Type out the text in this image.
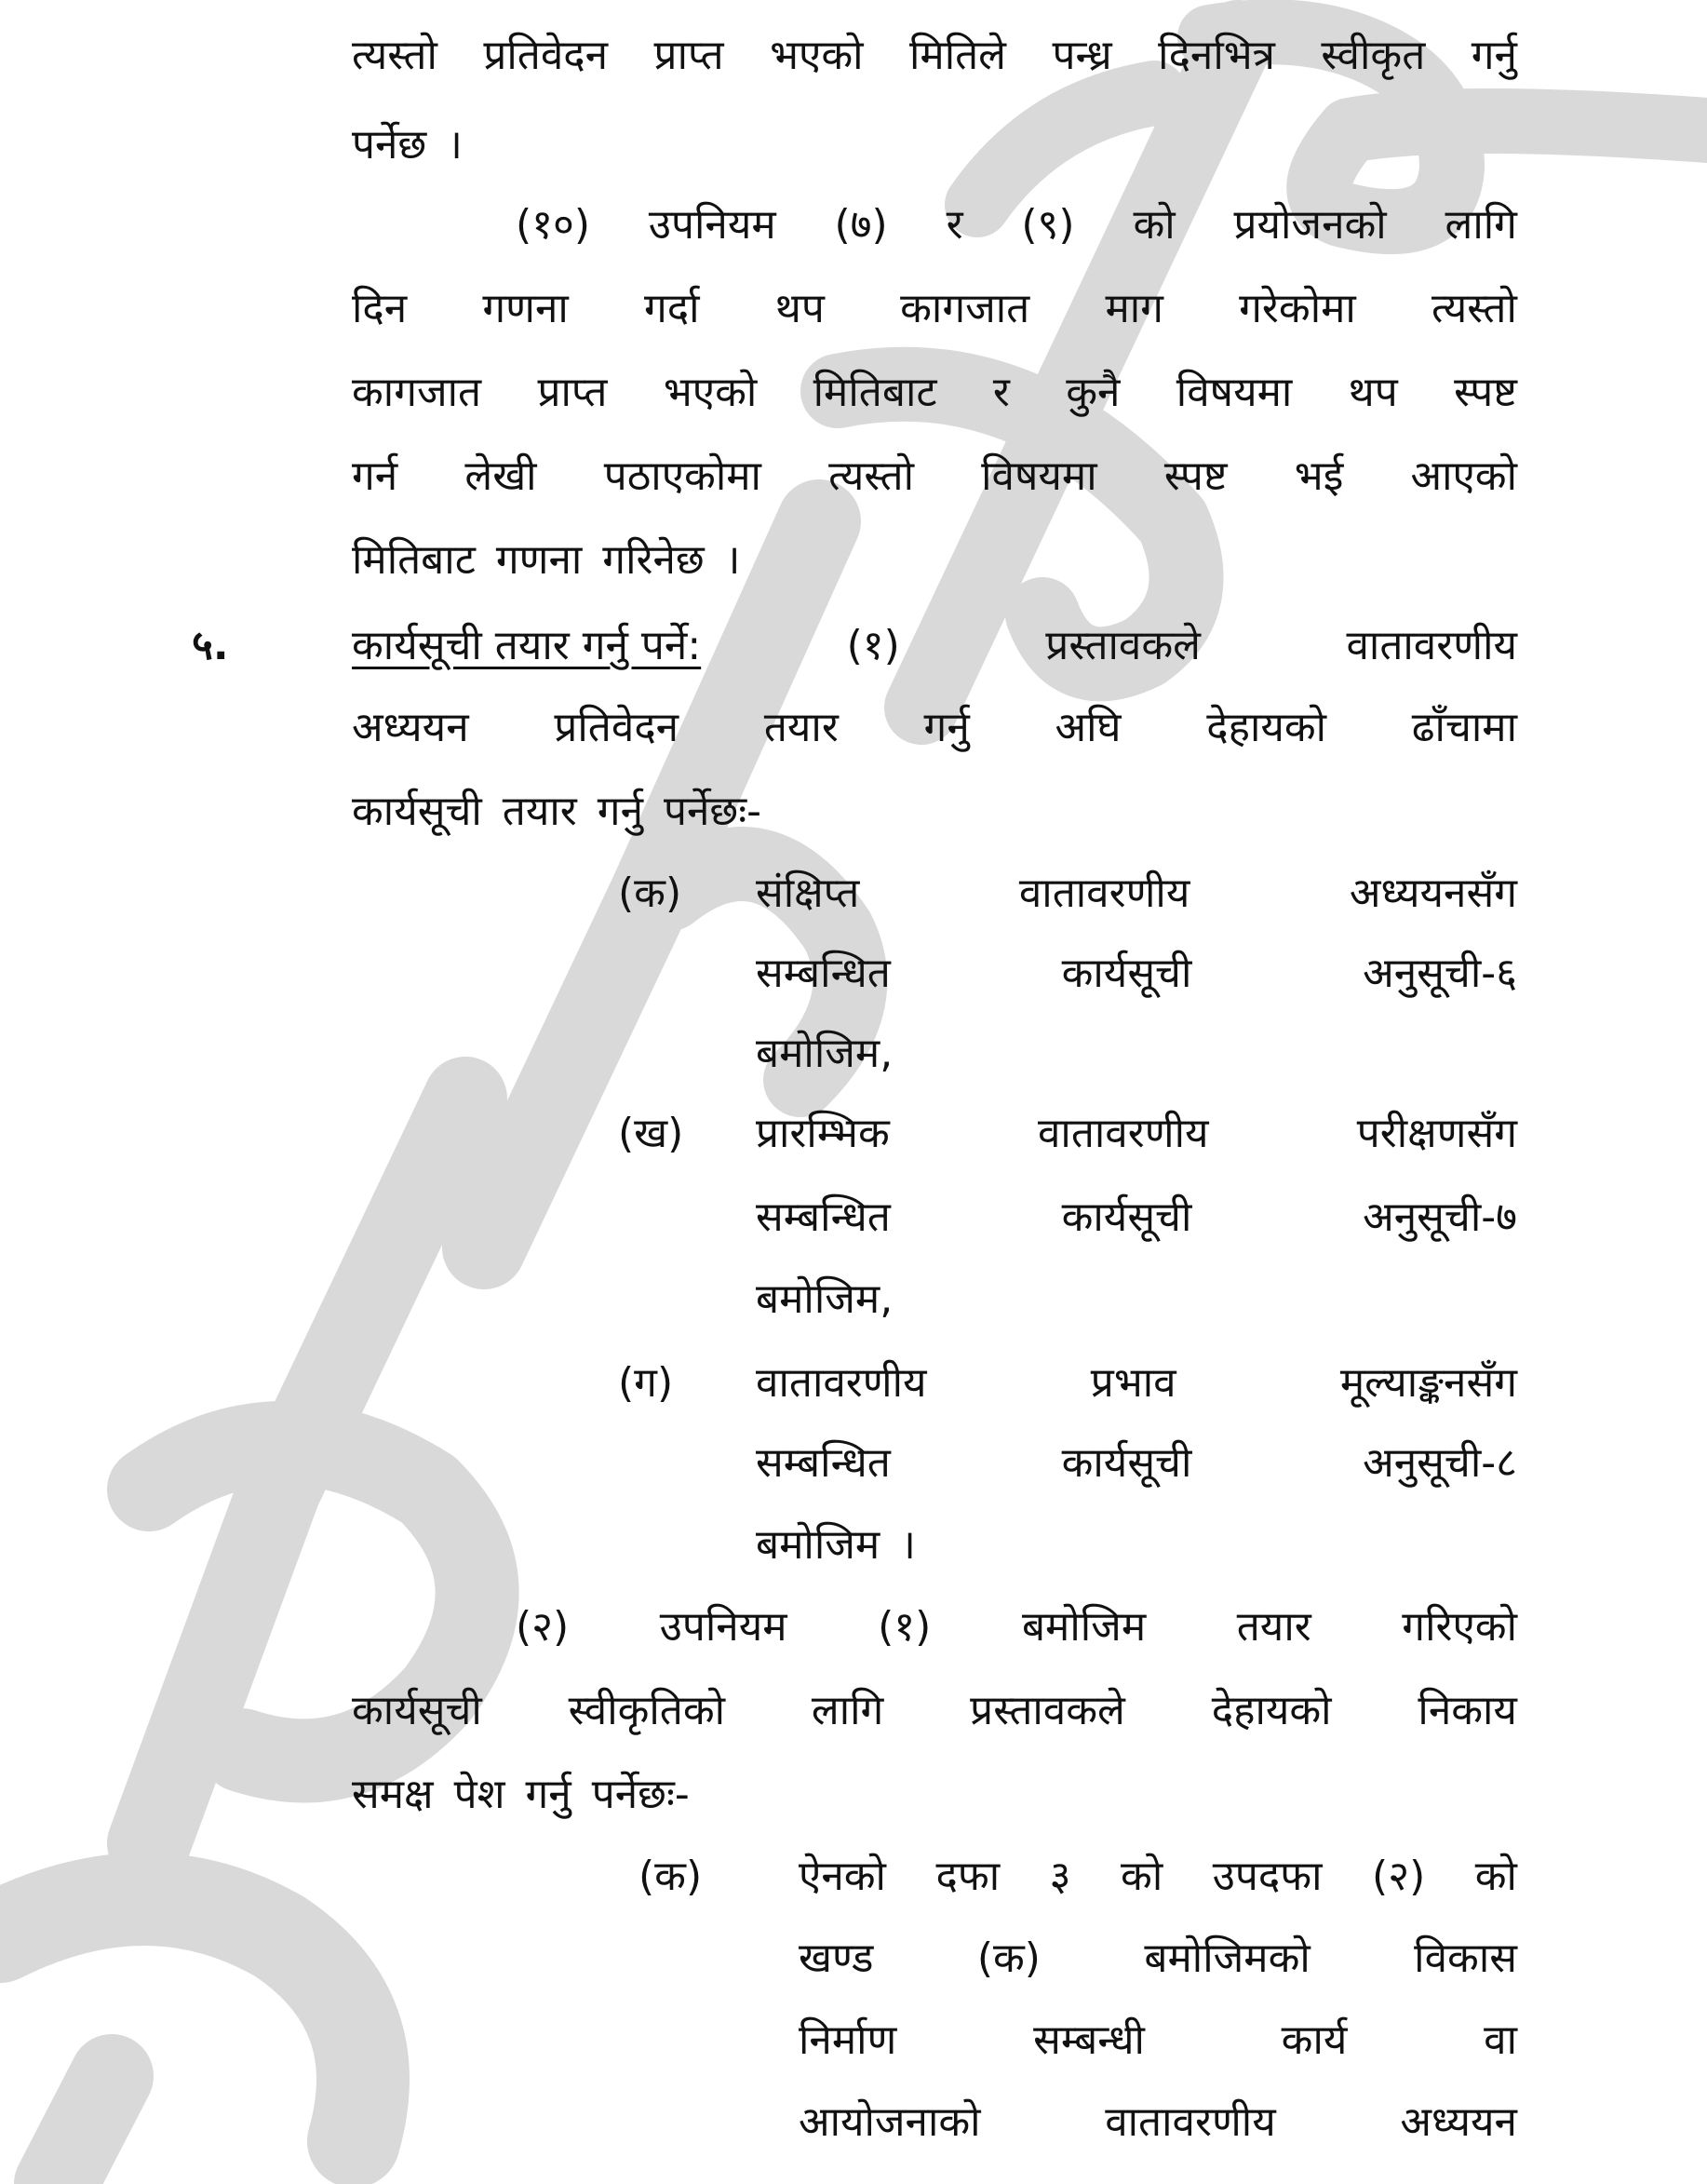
त्यस्तो प्रतिवेदन प्राप्त भएको मितिले पन्ध्र दिनभित्र स्वीकृत गर्नु
पर्नेछ ।
(१०) उपनियम (७) र (९) को प्रयोजनको लागि
दिन गणना गर्दा थप कागजात माग गरेकोमा त्यस्तो
कागजात प्राप्त भएको मितिबाट र कुनै विषयमा थप स्पष्ट
गर्न लेखी पठाएकोमा त्यस्तो विषयमा स्पष्ट भई आएको
मितिबाट गणना गरिनेछ ।
५.	कार्यसूची तयार गर्नु पर्ने:	(१)	प्रस्तावकले	वातावरणीय
अध्ययन प्रतिवेदन तयार गर्नु अघि देहायको ढाँचामा
कार्यसूची तयार गर्नु पर्नेछः-
(क) संक्षिप्त	वातावरणीय	अध्ययनसँग
सम्बन्धित	कार्यसूची	अनुसूची-६
बमोजिम,
(ख) प्रारम्भिक	वातावरणीय	परीक्षणसँग
सम्बन्धित	कार्यसूची	अनुसूची-७
बमोजिम,
(ग) वातावरणीय	प्रभाव	मूल्याङ्कनसँग
सम्बन्धित	कार्यसूची	अनुसूची-८
बमोजिम ।
(२) उपनियम (१) बमोजिम तयार गरिएको
कार्यसूची स्वीकृतिको लागि प्रस्तावकले देहायको निकाय
समक्ष पेश गर्नु पर्नेछः-
(क) ऐनको दफा ३ को उपदफा (२) को
खण्ड	(क)	बमोजिमको	विकास
निर्माण	सम्बन्धी	कार्य	वा
आयोजनाको	वातावरणीय	अध्ययन
